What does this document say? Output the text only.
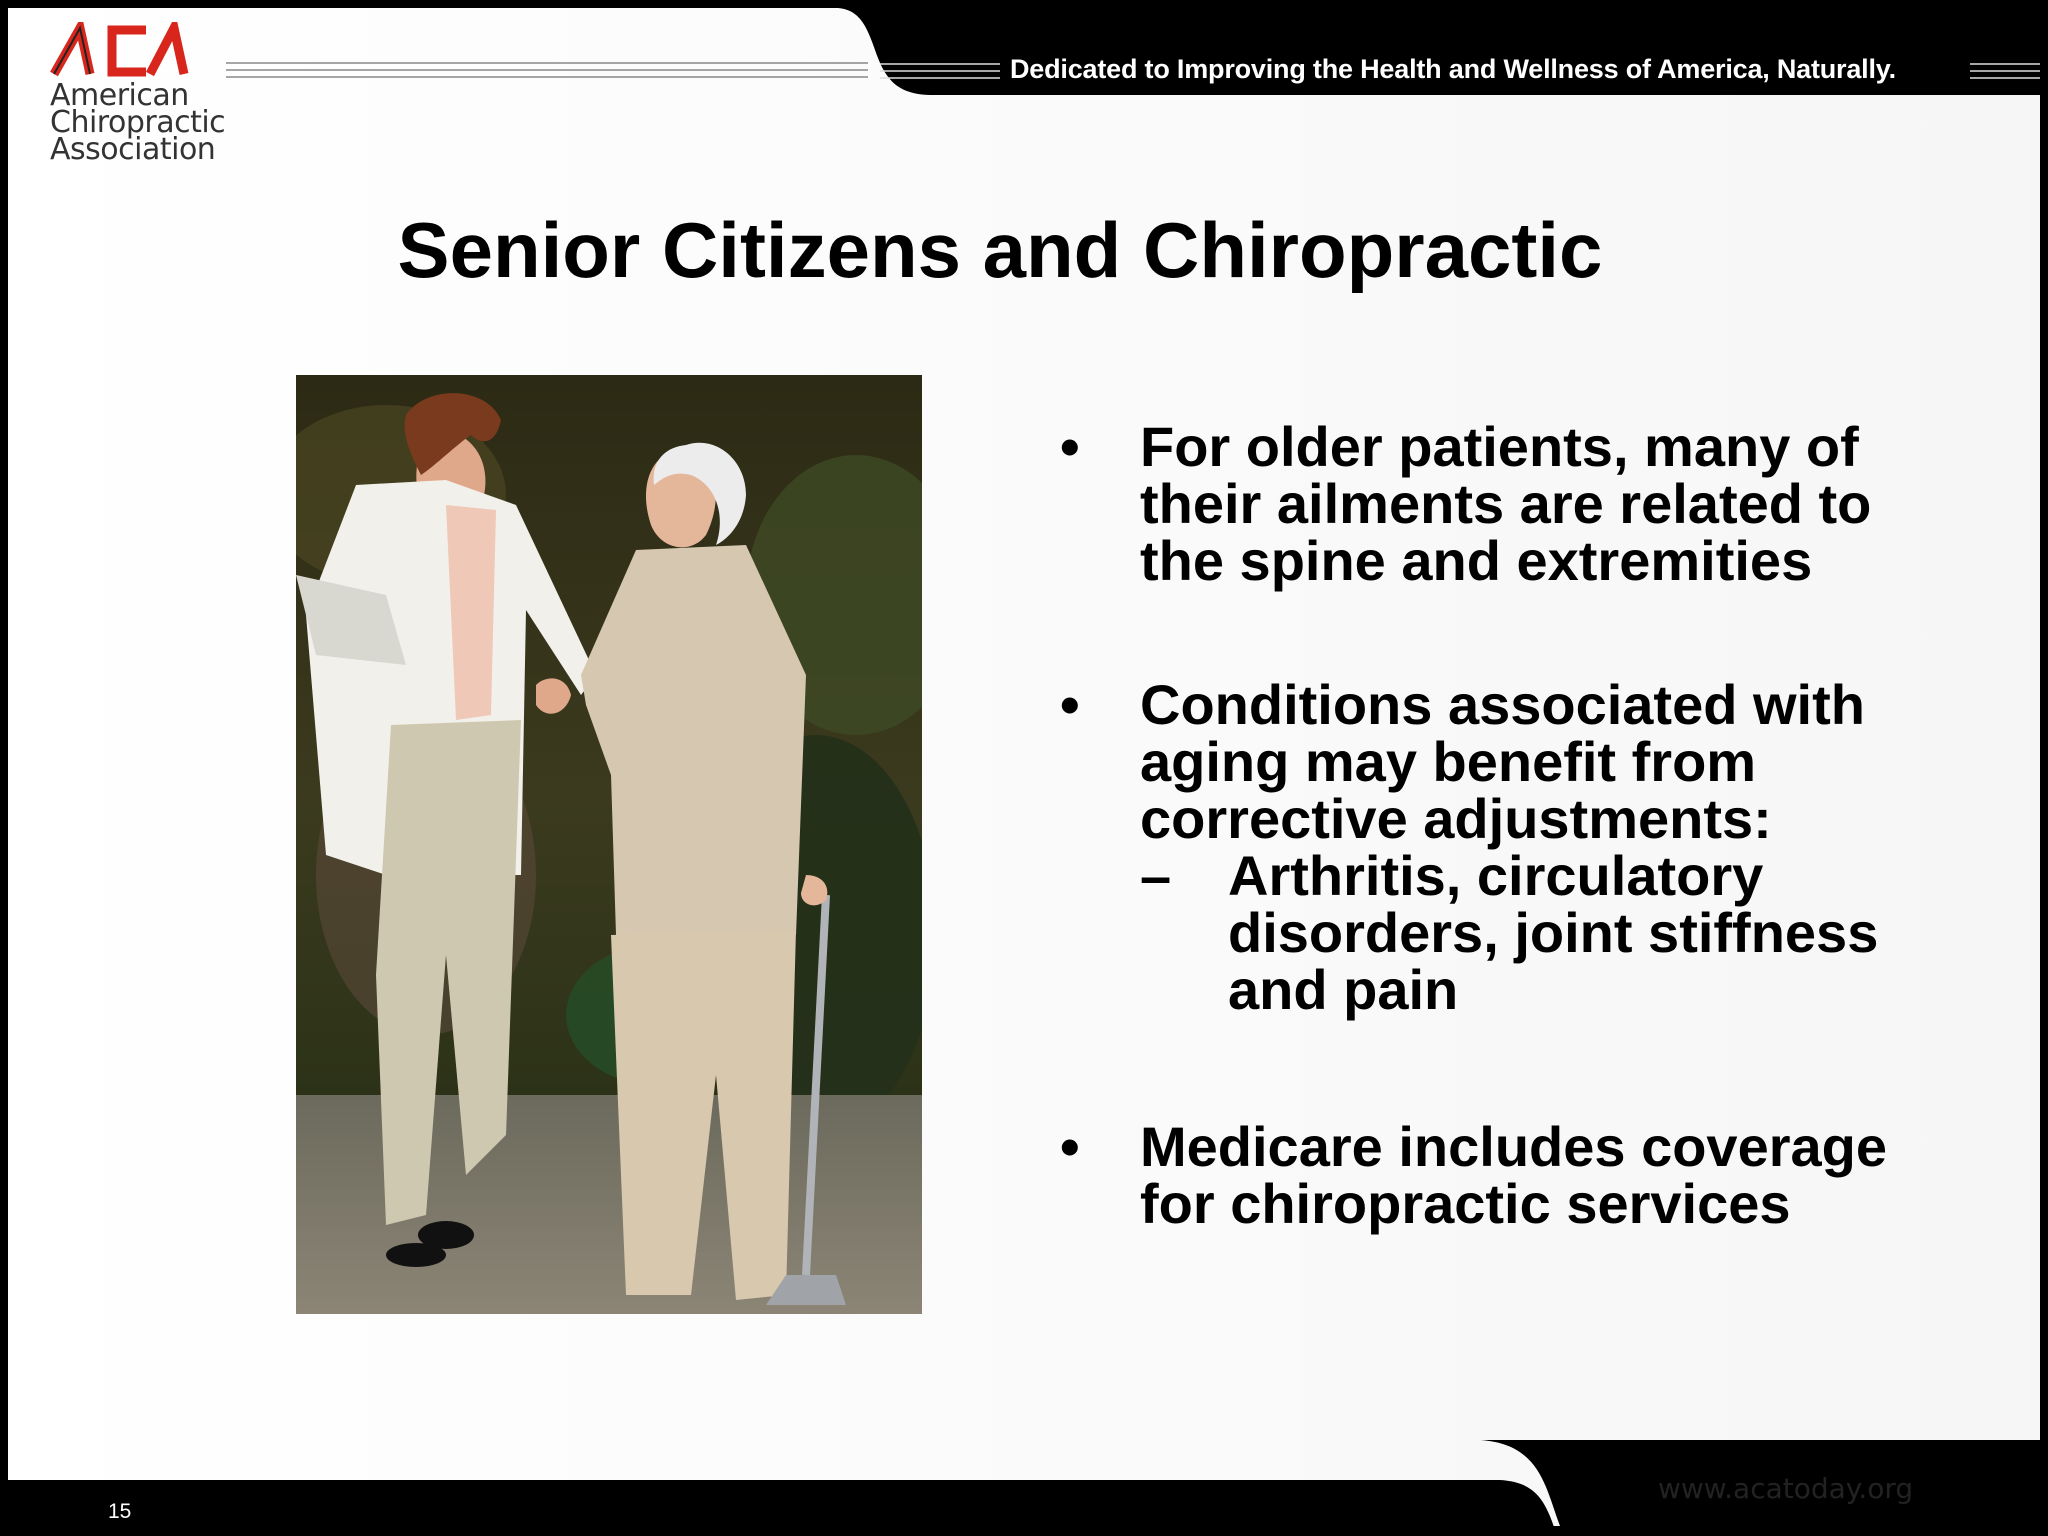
American
Chiropractic
Association
Dedicated to Improving the Health and Wellness of America, Naturally.
Senior Citizens and Chiropractic
•	For older patients, many of
their ailments are related to
the spine and extremities
•	Conditions associated with
aging may benefit from
corrective adjustments:
–	Arthritis, circulatory
disorders, joint stiffness
and pain
•	Medicare includes coverage
for chiropractic services
www.acatoday.org
15
